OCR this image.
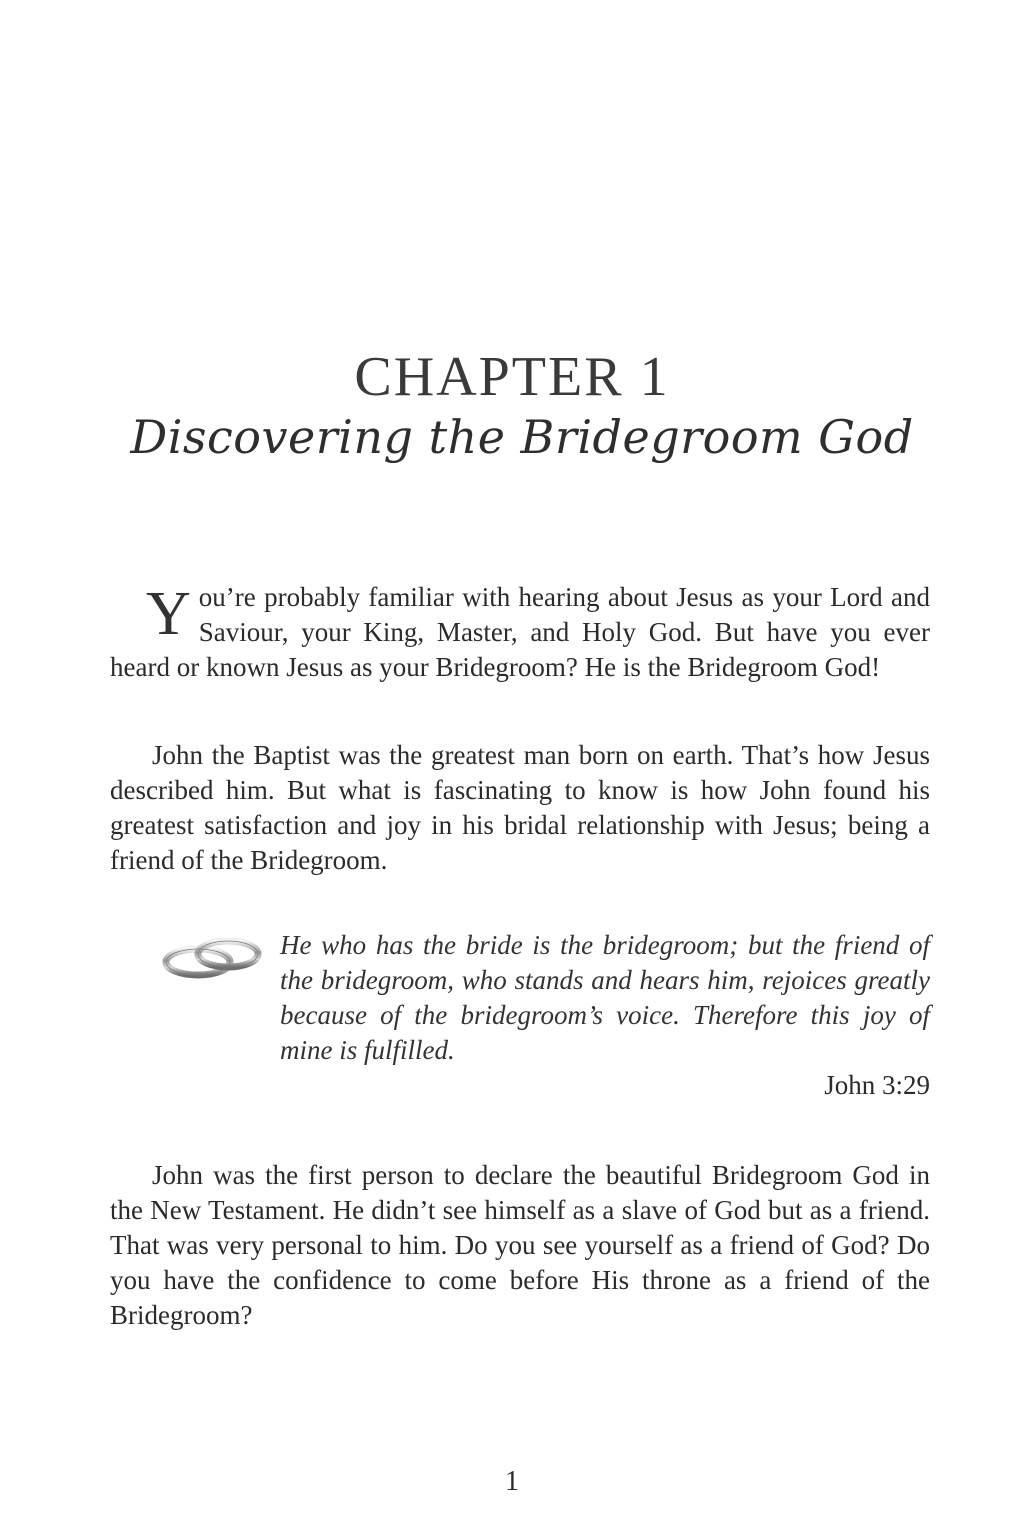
CHAPTER 1
Discovering the Bridegroom God
You’re probably familiar with hearing about Jesus as your Lord and Saviour, your King, Master, and Holy God. But have you ever heard or known Jesus as your Bridegroom? He is the Bridegroom God!
John the Baptist was the greatest man born on earth. That’s how Jesus described him. But what is fascinating to know is how John found his greatest satisfaction and joy in his bridal relationship with Jesus; being a friend of the Bridegroom.
He who has the bride is the bridegroom; but the friend of the bridegroom, who stands and hears him, rejoices greatly because of the bridegroom’s voice. Therefore this joy of mine is fulfilled.
John 3:29
John was the first person to declare the beautiful Bridegroom God in the New Testament. He didn’t see himself as a slave of God but as a friend. That was very personal to him. Do you see yourself as a friend of God? Do you have the confidence to come before His throne as a friend of the Bridegroom?
1
